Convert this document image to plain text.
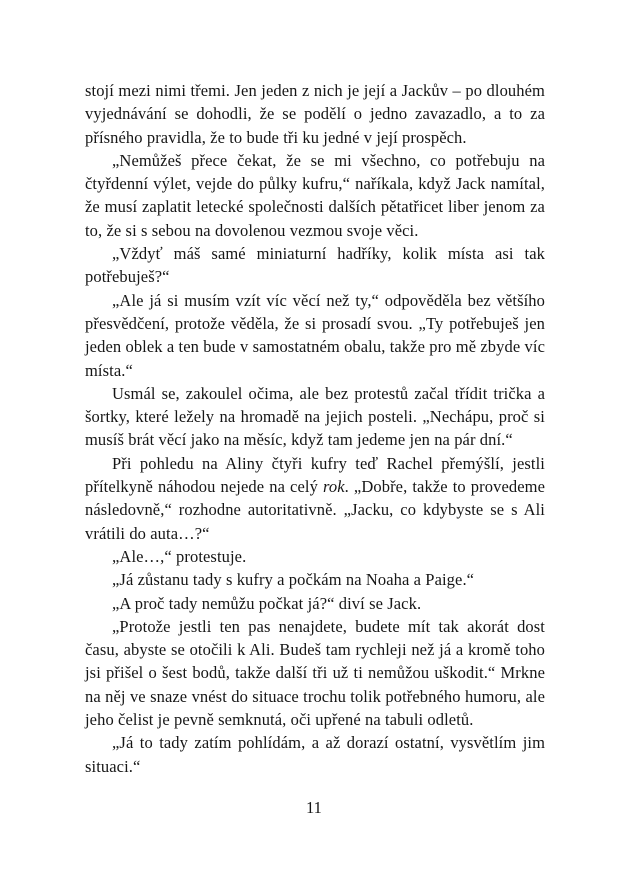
stojí mezi nimi třemi. Jen jeden z nich je její a Jackův – po dlouhém vyjednávání se dohodli, že se podělí o jedno zavazadlo, a to za přísného pravidla, že to bude tři ku jedné v její prospěch.

„Nemůžeš přece čekat, že se mi všechno, co potřebuju na čtyřdenní výlet, vejde do půlky kufru,“ naříkala, když Jack namítal, že musí zaplatit letecké společnosti dalších pětatřicet liber jenom za to, že si s sebou na dovolenou vezmou svoje věci.

„Vždyť máš samé miniaturní hadříky, kolik místa asi tak potřebuješ?“

„Ale já si musím vzít víc věcí než ty,“ odpověděla bez většího přesvědčení, protože věděla, že si prosadí svou. „Ty potřebuješ jen jeden oblek a ten bude v samostatném obalu, takže pro mě zbyde víc místa.“

Usmál se, zakoulel očima, ale bez protestů začal třídit trička a šortky, které ležely na hromadě na jejich posteli. „Nechápu, proč si musíš brát věcí jako na měsíc, když tam jedeme jen na pár dní.“

Při pohledu na Aliny čtyři kufry teď Rachel přemýšlí, jestli přítelkyně náhodou nejede na celý rok. „Dobře, takže to provedeme následovně,“ rozhodne autoritativně. „Jacku, co kdybyste se s Ali vrátili do auta…?“

„Ale…,“ protestuje.

„Já zůstanu tady s kufry a počkám na Noaha a Paige.“

„A proč tady nemůžu počkat já?“ diví se Jack.

„Protože jestli ten pas nenajdete, budete mít tak akorát dost času, abyste se otočili k Ali. Budeš tam rychleji než já a kromě toho jsi přišel o šest bodů, takže další tři už ti nemůžou uškodit.“ Mrkne na něj ve snaze vnést do situace trochu tolik potřebného humoru, ale jeho čelist je pevně semknutá, oči upřené na tabuli odletů.

„Já to tady zatím pohlídám, a až dorazí ostatní, vysvětlím jim situaci.“

11
